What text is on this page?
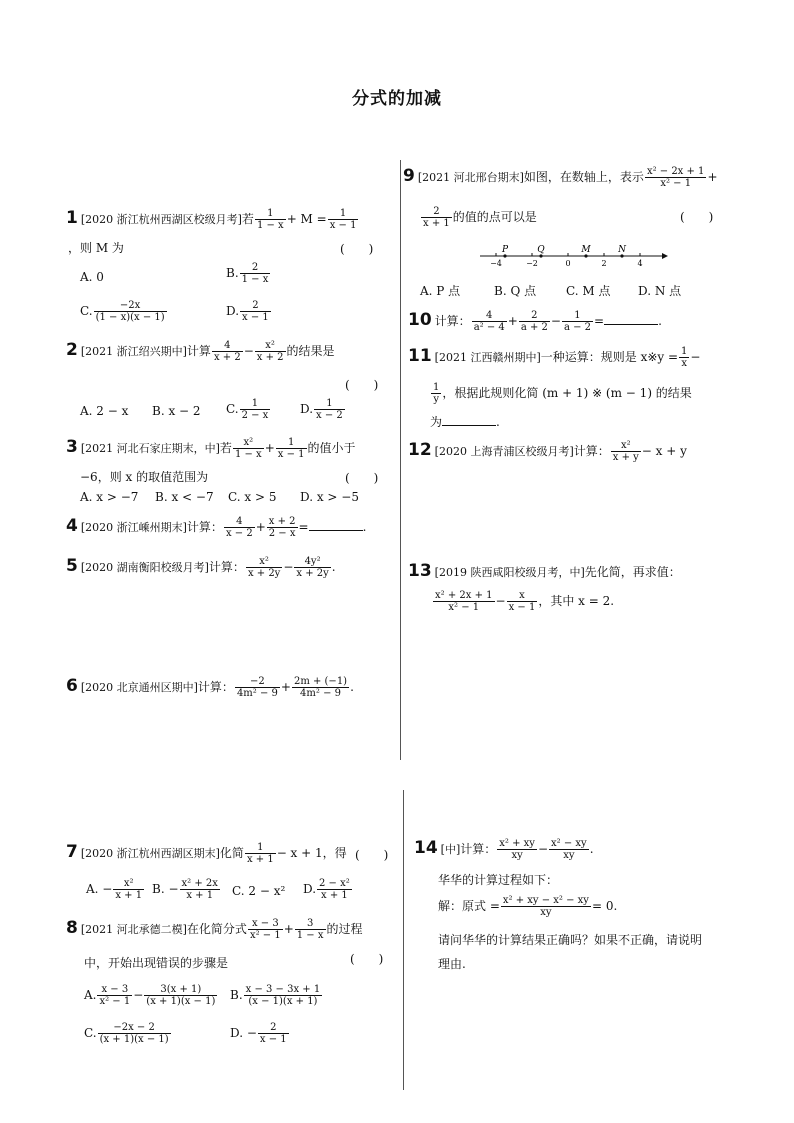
分式的加减
1 [2020 浙江杭州西湖区校级月考]若 $\frac{1}{1 - x} + M = \frac{1}{x - 1}$
，则 M 为	(　　)
A. 0	B. $\frac{2}{1 - x}$
C. $\frac{-2x}{(1 - x)(x - 1)}$	D. $\frac{2}{x - 1}$
2 [2021 浙江绍兴期中]计算 $\frac{4}{x + 2} - \frac{\text{x²}}{x + 2}$ 的结果是
(　　)
A. 2 − x B. x − 2 C. $\frac{1}{2 - x} D$. $\frac{1}{x - 2}$
3 [2021 河北石家庄期末，中]若 $\frac{\text{x²}}{1 - x} + \frac{1}{x - 1}$ 的值小于
−6，则 x 的取值范围为	(　　)
A. x > −7 B. x < −7 C. x > 5 D. x > −5
4 [2020 浙江嵊州期末]计算： $\frac{4}{x - 2} + \frac{x + 2}{2 - x}$ =	.
5 [2020 湖南衡阳校级月考]计算： $\frac{\text{x²}}{x + 2y} - \frac{\text{4y²}}{x + 2y}$ .
6 [2020 北京通州区期中]计算： $\frac{-2}{\text{4m² − 9}} + \frac{2m + (-1)}{\text{4m² − 9}}$ .
7 [2020 浙江杭州西湖区期末]化简 $\frac{1}{x + 1} - x + 1$，得 (　　)
A. − $\frac{\text{x²}}{x + 1} B$. − $\frac{\text{x² + 2x}}{x + 1} C$. 2 − x² D. $\frac{\text{2 − x²}}{x + 1}$
8 [2021 河北承德二模]在化简分式 $\frac{x - 3}{\text{x² − 1}} + \frac{3}{1 - x}$ 的过程
中，开始出现错误的步骤是	(　　)
A. $\frac{x - 3}{\text{x² − 1}} - \frac{3(x + 1)}{(x + 1)(x - 1)} B$. $\frac{x - 3 - 3x + 1}{(x - 1)(x + 1)}$
C. $\frac{-2x - 2}{(x + 1)(x - 1)}$	D. − $\frac{2}{x - 1}$
9 [2021 河北邢台期末]如图，在数轴上，表示 $\frac{\text{x² − 2x + 1}}{\text{x² − 1}}$ +
$\frac{2}{x + 1}$ 的值的点可以是	(　　)
−4	−2	0	2	4
P	Q	M	N
A. P 点	B. Q 点 C. M 点 D. N 点
10 计算： $\frac{4}{\text{a² − 4}} + \frac{2}{a + 2} - \frac{1}{a - 2}$ =	.
11 [2021 江西赣州期中]一种运算：规则是 x※y = $\frac{1}{x}$ −
$\frac{1}{y}$ ，根据此规则化简 (m + 1) ※ (m − 1) 的结果
为	.
12 [2020 上海青浦区校级月考]计算： $\frac{\text{x²}}{x + y} - x + y$
13 [2019 陕西咸阳校级月考，中]先化简，再求值：
$\frac{\text{x² + 2x + 1}}{\text{x² − 1}} - \frac{x}{x - 1}$ ，其中 x = 2.
14 [中]计算： $\frac{\text{x² + xy}}{xy} - \frac{\text{x² − xy}}{xy}$ .
华华的计算过程如下：
解：原式 = $\frac{\text{x² + xy − x² − xy}}{xy} = 0$.
请问华华的计算结果正确吗？如果不正确，请说明
理由.
